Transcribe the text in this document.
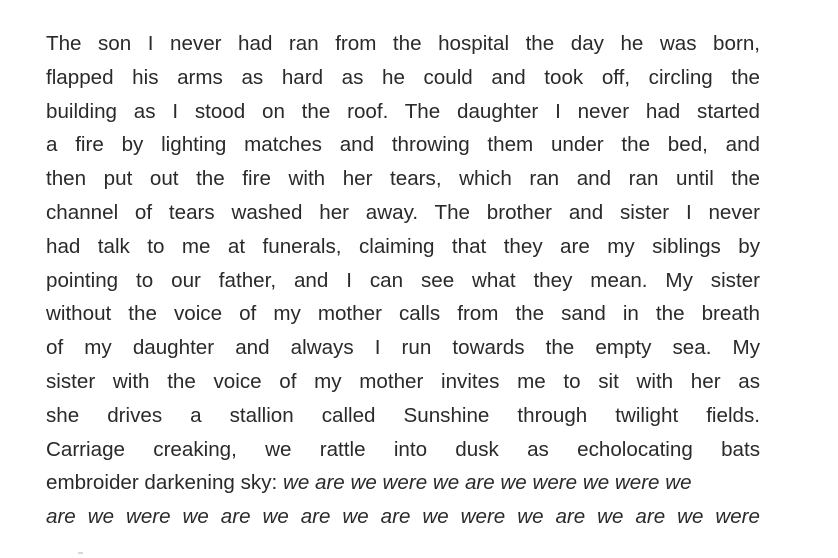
The son I never had ran from the hospital the day he was born,
flapped his arms as hard as he could and took off, circling the
building as I stood on the roof. The daughter I never had started
a fire by lighting matches and throwing them under the bed, and
then put out the fire with her tears, which ran and ran until the
channel of tears washed her away. The brother and sister I never
had talk to me at funerals, claiming that they are my siblings by
pointing to our father, and I can see what they mean. My sister
without the voice of my mother calls from the sand in the breath
of my daughter and always I run towards the empty sea. My
sister with the voice of my mother invites me to sit with her as
she drives a stallion called Sunshine through twilight fields.
Carriage creaking, we rattle into dusk as echolocating bats
embroider darkening sky: we are we were we are we were we were we
are we were we are we are we are we were we are we are we were
